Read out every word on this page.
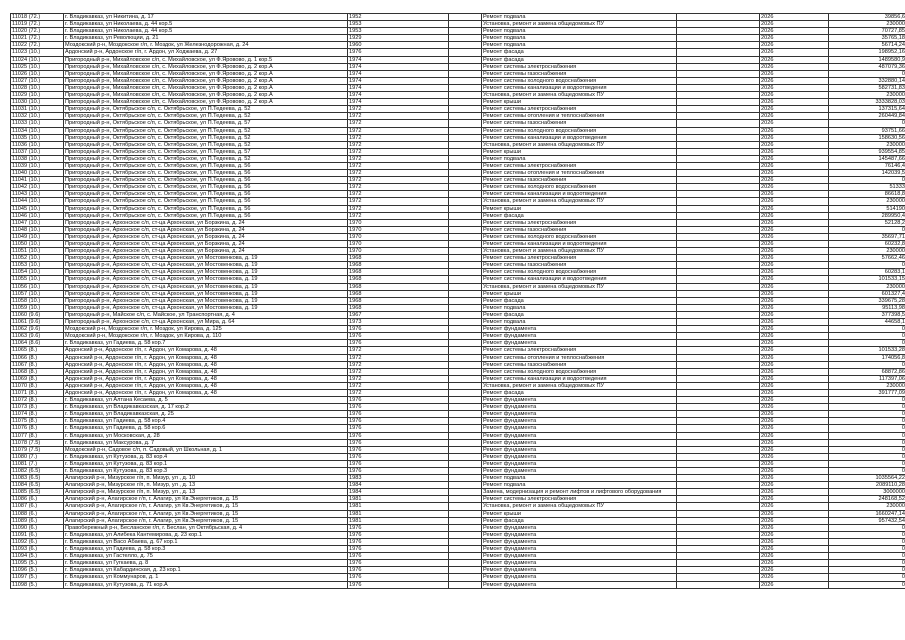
11018 (72.)	г. Владикавказ, ул Никитина, д. 17	1952		Ремонт подвала		2026	39856,6
11019 (72.)	г. Владикавказ, ул Николаева, д. 44 кор.5	1953		Установка, ремонт и замена общедомовых ПУ		2026	230000
11020 (72.)	г. Владикавказ, ул Николаева, д. 44 кор.5	1953		Ремонт подвала		2026	70727,85
11021 (72.)	г. Владикавказ, ул Революции, д. 21	1929		Ремонт подвала		2026	35765,18
11022 (72.)	Моздокский р-н, Моздокское г/п, г. Моздок, ул Железнодорожная, д. 24	1960		Ремонт подвала		2026	56714,24
11023 (10.)	Ардонский р-н, Ардонское г/п, г. Ардон, ул Ходжаева, д. 27	1976		Ремонт фасада		2026	198952,16
11024 (10.)	Пригородный р-н, Михайловское с/п, с. Михайловское, ул Ф.Яровово, д. 1 кор.5	1974		Ремонт фасада		2026	1489580,9
11025 (10.)	Пригородный р-н, Михайловское с/п, с. Михайловское, ул Ф.Яровово, д. 2 кор.А	1974		Ремонт системы электроснабжения		2026	487079,36
11026 (10.)	Пригородный р-н, Михайловское с/п, с. Михайловское, ул Ф.Яровово, д. 2 кор.А	1974		Ремонт системы газоснабжения		2026	0
11027 (10.)	Пригородный р-н, Михайловское с/п, с. Михайловское, ул Ф.Яровово, д. 2 кор.А	1974		Ремонт системы холодного водоснабжения		2026	332880,14
11028 (10.)	Пригородный р-н, Михайловское с/п, с. Михайловское, ул Ф.Яровово, д. 2 кор.А	1974		Ремонт системы канализации и водоотведения		2026	582731,83
11029 (10.)	Пригородный р-н, Михайловское с/п, с. Михайловское, ул Ф.Яровово, д. 2 кор.А	1974		Установка, ремонт и замена общедомовых ПУ		2026	230000
11030 (10.)	Пригородный р-н, Михайловское с/п, с. Михайловское, ул Ф.Яровово, д. 2 кор.А	1974		Ремонт крыши		2026	3333828,03
11031 (10.)	Пригородный р-н, Октябрьское с/п, с. Октябрьское, ул П.Тедеева, д. 52	1972		Ремонт системы электроснабжения		2026	137315,64
11032 (10.)	Пригородный р-н, Октябрьское с/п, с. Октябрьское, ул П.Тедеева, д. 52	1972		Ремонт системы отопления и теплоснабжения		2026	260449,84
11033 (10.)	Пригородный р-н, Октябрьское с/п, с. Октябрьское, ул П.Тедеева, д. 57	1972		Ремонт системы газоснабжения		2026	0
11034 (10.)	Пригородный р-н, Октябрьское с/п, с. Октябрьское, ул П.Тедеева, д. 52	1972		Ремонт системы холодного водоснабжения		2026	93751,66
11035 (10.)	Пригородный р-н, Октябрьское с/п, с. Октябрьское, ул П.Тедеева, д. 52	1972		Ремонт системы канализации и водоотведения		2026	158630,56
11036 (10.)	Пригородный р-н, Октябрьское с/п, с. Октябрьское, ул П.Тедеева, д. 52	1972		Установка, ремонт и замена общедомовых ПУ		2026	230000
11037 (10.)	Пригородный р-н, Октябрьское с/п, с. Октябрьское, ул П.Тедеева, д. 57	1972		Ремонт крыши		2026	939554,85
11038 (10.)	Пригородный р-н, Октябрьское с/п, с. Октябрьское, ул П.Тедеева, д. 52	1972		Ремонт подвала		2026	145487,66
11039 (10.)	Пригородный р-н, Октябрьское с/п, с. Октябрьское, ул П.Тедеева, д. 56	1972		Ремонт системы электроснабжения		2026	76146,4
11040 (10.)	Пригородный р-н, Октябрьское с/п, с. Октябрьское, ул П.Тедеева, д. 56	1972		Ремонт системы отопления и теплоснабжения		2026	142039,5
11041 (10.)	Пригородный р-н, Октябрьское с/п, с. Октябрьское, ул П.Тедеева, д. 56	1972		Ремонт системы газоснабжения		2026	0
11042 (10.)	Пригородный р-н, Октябрьское с/п, с. Октябрьское, ул П.Тедеева, д. 56	1972		Ремонт системы холодного водоснабжения		2026	51333
11043 (10.)	Пригородный р-н, Октябрьское с/п, с. Октябрьское, ул П.Тедеева, д. 56	1972		Ремонт системы канализации и водоотведения		2026	86618,8
11044 (10.)	Пригородный р-н, Октябрьское с/п, с. Октябрьское, ул П.Тедеева, д. 56	1972		Установка, ремонт и замена общедомовых ПУ		2026	230000
11045 (10.)	Пригородный р-н, Октябрьское с/п, с. Октябрьское, ул П.Тедеева, д. 56	1972		Ремонт крыши		2026	514190
11046 (10.)	Пригородный р-н, Октябрьское с/п, с. Октябрьское, ул П.Тедеева, д. 56	1972		Ремонт фасада		2026	289950,4
11047 (10.)	Пригородный р-н, Архонское с/п, ст-ца Архонская, ул Борзкина, д. 24	1970		Ремонт системы электроснабжения		2026	52128,2
11048 (10.)	Пригородный р-н, Архонское с/п, ст-ца Архонская, ул Борзкина, д. 24	1970		Ремонт системы газоснабжения		2026	0
11049 (10.)	Пригородный р-н, Архонское с/п, ст-ца Архонская, ул Борзкина, д. 24	1970		Ремонт системы холодного водоснабжения		2026	35697,71
11050 (10.)	Пригородный р-н, Архонское с/п, ст-ца Архонская, ул Борзкина, д. 24	1970		Ремонт системы канализации и водоотведения		2026	60232,8
11051 (10.)	Пригородный р-н, Архонское с/п, ст-ца Архонская, ул Борзкина, д. 24	1970		Установка, ремонт и замена общедомовых ПУ		2026	230000
11052 (10.)	Пригородный р-н, Архонское с/п, ст-ца Архонская, ул Мостовенкова, д. 19	1968		Ремонт системы электроснабжения		2026	57662,46
11053 (10.)	Пригородный р-н, Архонское с/п, ст-ца Архонская, ул Мостовенкова, д. 19	1968		Ремонт системы газоснабжения		2026	0
11054 (10.)	Пригородный р-н, Архонское с/п, ст-ца Архонская, ул Мостовенкова, д. 19	1968		Ремонт системы холодного водоснабжения		2026	60283,1
11055 (10.)	Пригородный р-н, Архонское с/п, ст-ца Архонская, ул Мостовенкова, д. 19	1968		Ремонт системы канализации и водоотведения		2026	101533,15
11056 (10.)	Пригородный р-н, Архонское с/п, ст-ца Архонская, ул Мостовенкова, д. 19	1968		Установка, ремонт и замена общедомовых ПУ		2026	230000
11057 (10.)	Пригородный р-н, Архонское с/п, ст-ца Архонская, ул Мостовенкова, д. 19	1968		Ремонт крыши		2026	601327,4
11058 (10.)	Пригородный р-н, Архонское с/п, ст-ца Архонская, ул Мостовенкова, д. 19	1968		Ремонт фасада		2026	339675,28
11059 (10.)	Пригородный р-н, Архонское с/п, ст-ца Архонская, ул Мостовенкова, д. 19	1968		Ремонт подвала		2026	95113,98
11060 (9.6)	Пригородный р-н, Майское с/п, с. Майское, ул Транспортная, д. 4	1967		Ремонт фасада		2026	377398,5
11061 (9.6)	Пригородный р-н, Архонское с/п, ст-ца Архонская, ул Мира, д. 64	1973		Ремонт подвала		2026	44658,1
11062 (9.6)	Моздокский р-н, Моздокское г/п, г. Моздок, ул Кирова, д. 125	1976		Ремонт фундамента		2026	0
11063 (9.6)	Моздокский р-н, Моздокское г/п, г. Моздок, ул Кирова, д. 110	1976		Ремонт фундамента		2026	0
11064 (8.6)	г. Владикавказ, ул Гадиева, д. 58 кор.7	1976		Ремонт фундамента		2026	0
11065 (8.)	Ардонский р-н, Ардонское г/п, г. Ардон, ул Комарова, д. 48	1972		Ремонт системы электроснабжения		2026	101533,28
11066 (8.)	Ардонский р-н, Ардонское г/п, г. Ардон, ул Комарова, д. 48	1972		Ремонт системы отопления и теплоснабжения		2026	174056,8
11067 (8.)	Ардонский р-н, Ардонское г/п, г. Ардон, ул Комарова, д. 48	1972		Ремонт системы газоснабжения		2026	0
11068 (8.)	Ардонский р-н, Ардонское г/п, г. Ардон, ул Комарова, д. 48	1972		Ремонт системы холодного водоснабжения		2026	68872,86
11069 (8.)	Ардонский р-н, Ардонское г/п, г. Ардон, ул Комарова, д. 48	1972		Ремонт системы канализации и водоотведения		2026	117397,06
11070 (8.)	Ардонский р-н, Ардонское г/п, г. Ардон, ул Комарова, д. 48	1972		Установка, ремонт и замена общедомовых ПУ		2026	230000
11071 (8.)	Ардонский р-н, Ардонское г/п, г. Ардон, ул Комарова, д. 48	1972		Ремонт фасада		2026	391777,09
11072 (8.)	г. Владикавказ, ул Алтана Кесаева, д. 5	1976		Ремонт фундамента		2026	0
11073 (8.)	г. Владикавказ, ул Владикавказская, д. 17 кор.2	1976		Ремонт фундамента		2026	0
11074 (8.)	г. Владикавказ, ул Владикавказская, д. 25	1976		Ремонт фундамента		2026	0
11075 (8.)	г. Владикавказ, ул Гадиева, д. 58 кор.4	1976		Ремонт фундамента		2026	0
11076 (8.)	г. Владикавказ, ул Гадиева, д. 58 кор.6	1976		Ремонт фундамента		2026	0
11077 (8.)	г. Владикавказ, ул Московская, д. 28	1976		Ремонт фундамента		2026	0
11078 (7.5)	г. Владикавказ, ул Максурова, д. 7	1976		Ремонт фундамента		2026	0
11079 (7.5)	Моздокский р-н, Садовое с/п, п. Садовый, ул Школьная, д. 1	1976		Ремонт фундамента		2026	0
11080 (7.)	г. Владикавказ, ул Кутузова, д. 83 кор.4	1976		Ремонт фундамента		2026	0
11081 (7.)	г. Владикавказ, ул Кутузова, д. 83 кор.1	1976		Ремонт фундамента		2026	0
11082 (6.5)	г. Владикавказ, ул Кутузова, д. 83 кор.3	1976		Ремонт фундамента		2026	0
11083 (6.5)	Алагирский р-н, Мизурское г/п, п. Мизур, ул , д. 10	1983		Ремонт подвала		2026	1035564,22
11084 (6.5)	Алагирский р-н, Мизурское г/п, п. Мизур, ул , д. 13	1984		Ремонт подвала		2026	2089110,28
11085 (6.5)	Алагирский р-н, Мизурское г/п, п. Мизур, ул , д. 13	1984		Замена, модернизация и ремонт лифтов и лифтового оборудования		2026	3000000
11086 (6.)	Алагирский р-н, Алагирское г/п, г. Алагир, ул Кв.Энергетиков, д. 15	1981		Ремонт системы электроснабжения		2026	248168,52
11087 (6.)	Алагирский р-н, Алагирское г/п, г. Алагир, ул Кв.Энергетиков, д. 15	1981		Установка, ремонт и замена общедомовых ПУ		2026	230000
11088 (6.)	Алагирский р-н, Алагирское г/п, г. Алагир, ул Кв.Энергетиков, д. 15	1981		Ремонт крыши		2026	1660247,14
11089 (6.)	Алагирский р-н, Алагирское г/п, г. Алагир, ул Кв.Энергетиков, д. 15	1981		Ремонт фасада		2026	957432,54
11090 (6.)	Правобережный р-н, Бесланское г/п, г. Беслан, ул Октябрьская, д. 4	1976		Ремонт фундамента		2026	0
11091 (6.)	г. Владикавказ, ул Алибека Кантемирова, д. 23 кор.1	1976		Ремонт фундамента		2026	0
11092 (6.)	г. Владикавказ, ул Васо Абаева, д. 67 кор.1	1976		Ремонт фундамента		2026	0
11093 (6.)	г. Владикавказ, ул Гадиева, д. 58 кор.3	1976		Ремонт фундамента		2026	0
11094 (5.)	г. Владикавказ, ул Гастелло, д. 75	1976		Ремонт фундамента		2026	0
11095 (5.)	г. Владикавказ, ул Гугкаева, д. 8	1976		Ремонт фундамента		2026	0
11096 (5.)	г. Владикавказ, ул Кабардинская, д. 23 кор.1	1976		Ремонт фундамента		2026	0
11097 (5.)	г. Владикавказ, ул Коммунаров, д. 1	1976		Ремонт фундамента		2026	0
11098 (5.)	г. Владикавказ, ул Кутузова, д. 71 кор.А	1976		Ремонт фундамента		2026	0
